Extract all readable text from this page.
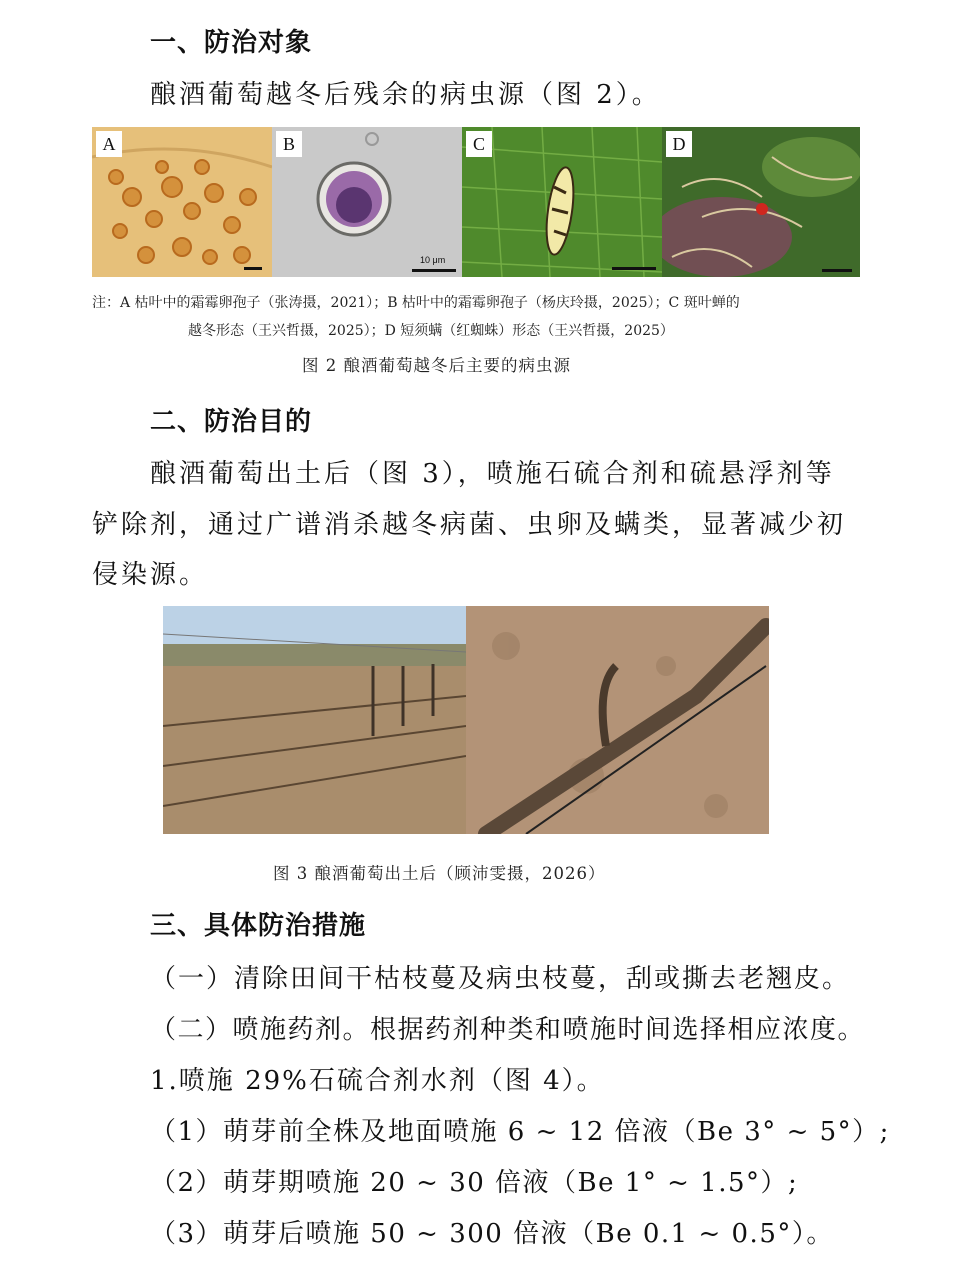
一、防治对象
酿酒葡萄越冬后残余的病虫源（图 2）。
A	B
10 μm
C	D
注：A 枯叶中的霜霉卵孢子（张涛摄，2021）；B 枯叶中的霜霉卵孢子（杨庆玲摄，2025）；C 斑叶蝉的
越冬形态（王兴哲摄，2025）；D 短须螨（红蜘蛛）形态（王兴哲摄，2025）
图 2 酿酒葡萄越冬后主要的病虫源
二、防治目的
酿酒葡萄出土后（图 3），喷施石硫合剂和硫悬浮剂等
铲除剂，通过广谱消杀越冬病菌、虫卵及螨类，显著减少初
侵染源。
图 3 酿酒葡萄出土后（顾沛雯摄，2026）
三、具体防治措施
（一）清除田间干枯枝蔓及病虫枝蔓，刮或撕去老翘皮。
（二）喷施药剂。根据药剂种类和喷施时间选择相应浓度。
1.喷施 29%石硫合剂水剂（图 4）。
（1）萌芽前全株及地面喷施 6 ~ 12 倍液（Be 3° ~ 5°）;
（2）萌芽期喷施 20 ~ 30 倍液（Be 1° ~ 1.5°）;
（3）萌芽后喷施 50 ~ 300 倍液（Be 0.1 ~ 0.5°）。
